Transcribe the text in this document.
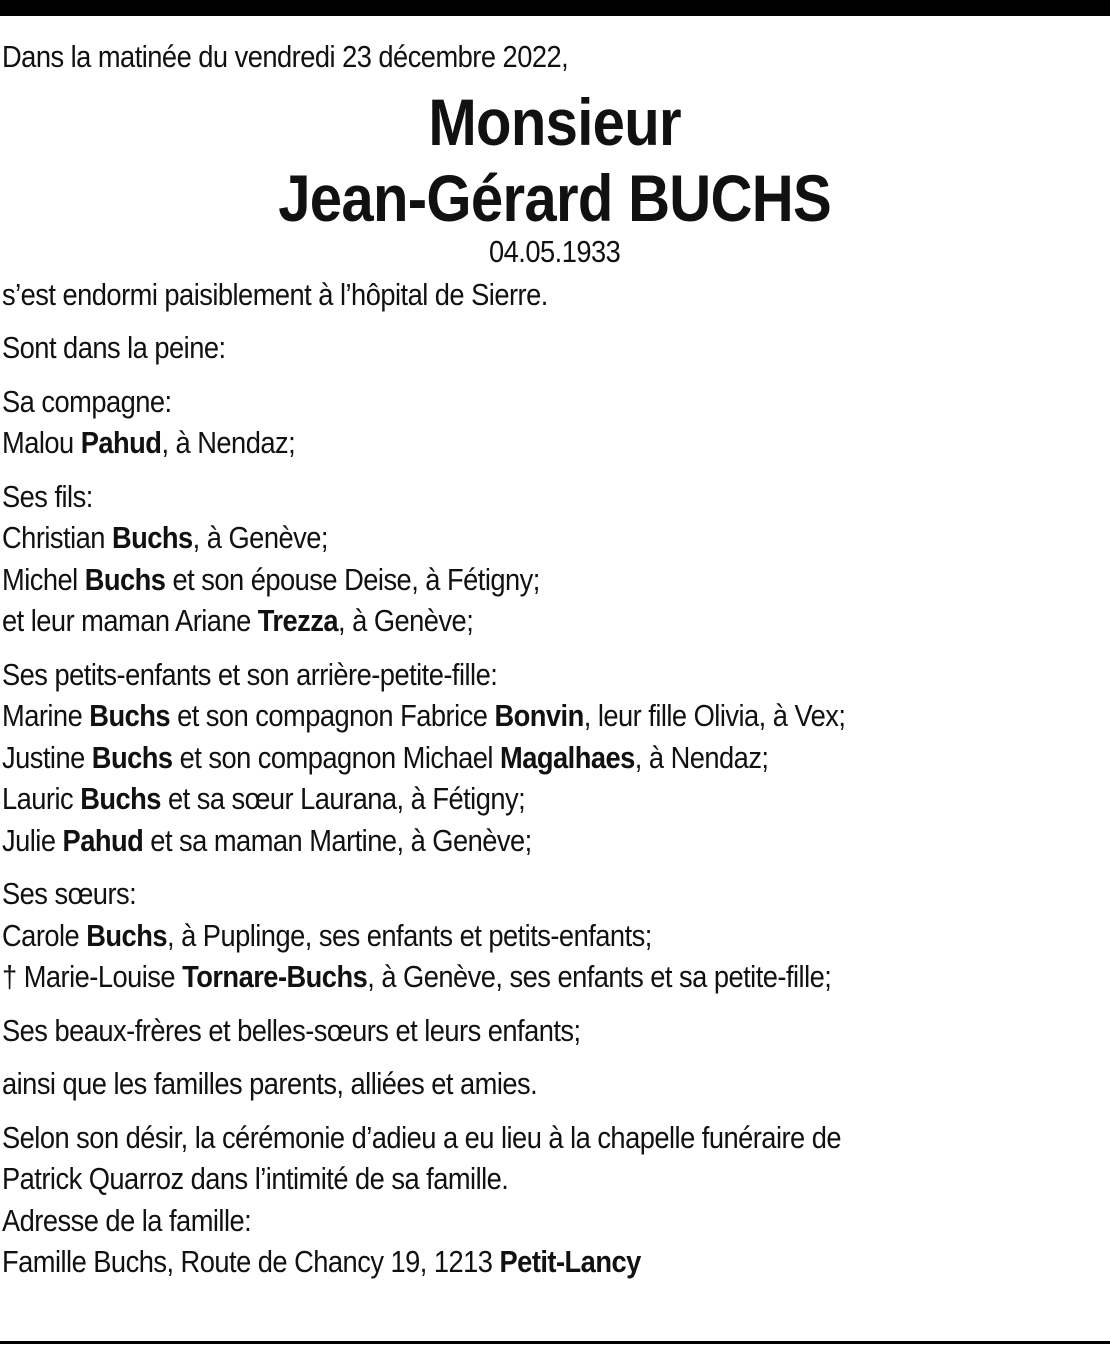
Dans la matinée du vendredi 23 décembre 2022,

Monsieur
Jean-Gérard BUCHS
04.05.1933

s’est endormi paisiblement à l’hôpital de Sierre.

Sont dans la peine:

Sa compagne:

Malou Pahud, à Nendaz;

Ses fils:

Christian Buchs, à Genève;

Michel Buchs et son épouse Deise, à Fétigny;

et leur maman Ariane Trezza, à Genève;

Ses petits-enfants et son arrière-petite-fille:

Marine Buchs et son compagnon Fabrice Bonvin, leur fille Olivia, à Vex;

Justine Buchs et son compagnon Michael Magalhaes, à Nendaz;

Lauric Buchs et sa sœur Laurana, à Fétigny;

Julie Pahud et sa maman Martine, à Genève;

Ses sœurs:

Carole Buchs, à Puplinge, ses enfants et petits-enfants;

† Marie-Louise Tornare-Buchs, à Genève, ses enfants et sa petite-fille;

Ses beaux-frères et belles-sœurs et leurs enfants;

ainsi que les familles parents, alliées et amies.

Selon son désir, la cérémonie d’adieu a eu lieu à la chapelle funéraire de

Patrick Quarroz dans l’intimité de sa famille.

Adresse de la famille:

Famille Buchs, Route de Chancy 19, 1213 Petit-Lancy
